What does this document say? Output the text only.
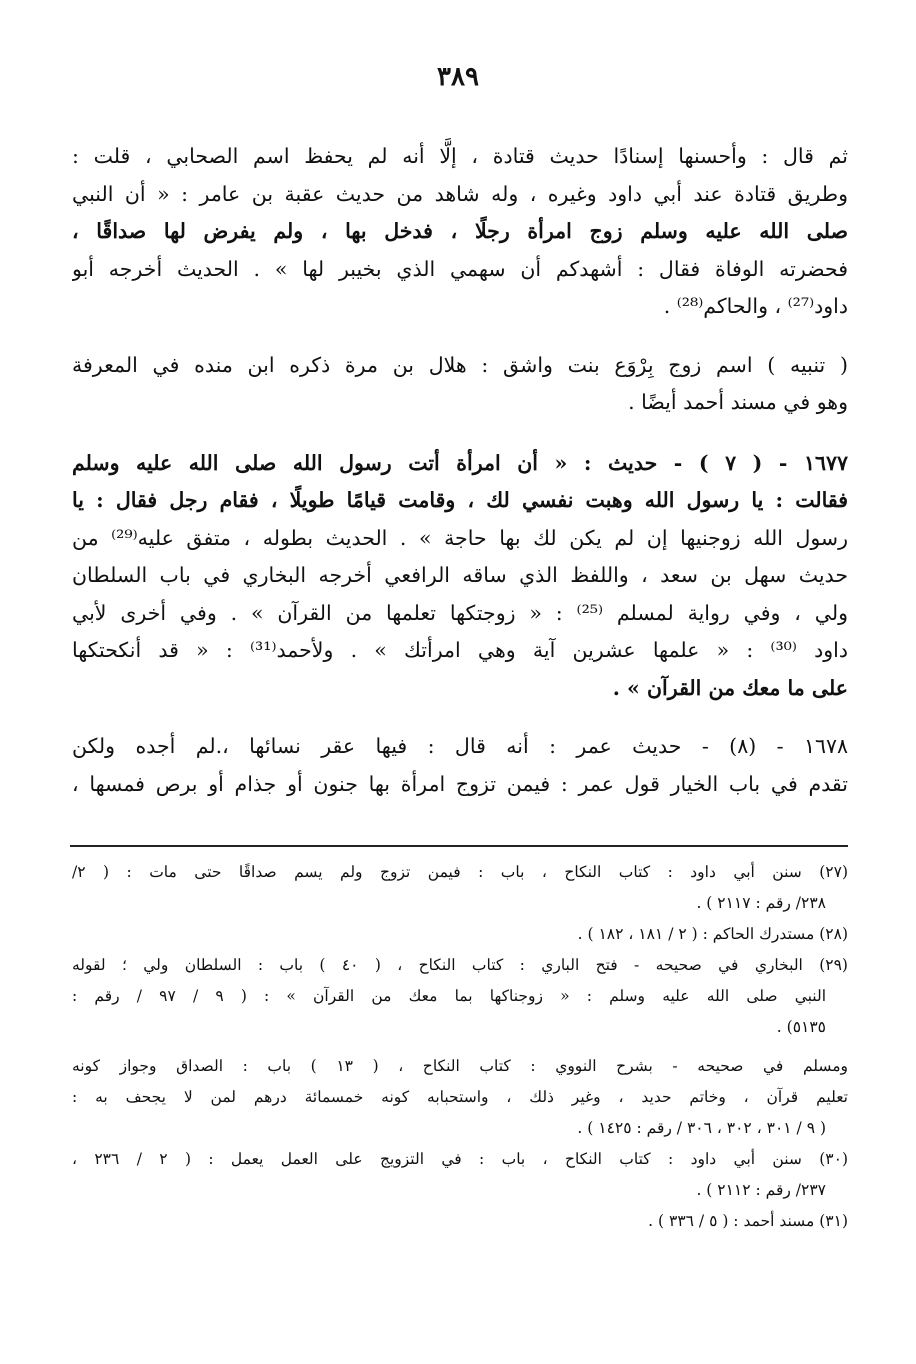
٣٨٩
ثم قال : وأحسنها إسنادًا حديث قتادة ، إلَّا أنه لم يحفظ اسم الصحابي ، قلت :
وطريق قتادة عند أبي داود وغيره ، وله شاهد من حديث عقبة بن عامر : « أن النبي
صلى الله عليه وسلم زوج امرأة رجلًا ، فدخل بها ، ولم يفرض لها صداقًا ،
فحضرته الوفاة فقال : أشهدكم أن سهمي الذي بخيبر لها » . الحديث أخرجه أبو
داود⁽²⁷⁾ ، والحاكم⁽²⁸⁾ .
( تنبيه ) اسم زوج بِرْوَع بنت واشق : هلال بن مرة ذكره ابن منده في المعرفة
وهو في مسند أحمد أيضًا .
١٦٧٧ - ( ٧ ) - حديث : « أن امرأة أتت رسول الله صلى الله عليه وسلم
فقالت : يا رسول الله وهبت نفسي لك ، وقامت قيامًا طويلًا ، فقام رجل فقال : يا
رسول الله زوجنيها إن لم يكن لك بها حاجة » . الحديث بطوله ، متفق عليه⁽²⁹⁾ من
حديث سهل بن سعد ، واللفظ الذي ساقه الرافعي أخرجه البخاري في باب السلطان
ولي ، وفي رواية لمسلم ⁽²⁵⁾ : « زوجتكها تعلمها من القرآن » . وفي أخرى لأبي
داود ⁽³⁰⁾ : « علمها عشرين آية وهي امرأتك » . ولأحمد⁽³¹⁾ : « قد أنكحتكها
على ما معك من القرآن » .
١٦٧٨ - (٨) - حديث عمر : أنه قال : فيها عقر نسائها ،.لم أجده ولكن
تقدم في باب الخيار قول عمر : فيمن تزوج امرأة بها جنون أو جذام أو برص فمسها ،
(٢٧) سنن أبي داود : كتاب النكاح ، باب : فيمن تزوج ولم يسم صداقًا حتى مات : ( ٢/
٢٣٨/ رقم : ٢١١٧ ) .
(٢٨) مستدرك الحاكم : ( ٢ / ١٨١ ، ١٨٢ ) .
(٢٩) البخاري في صحيحه - فتح الباري : كتاب النكاح ، ( ٤٠ ) باب : السلطان ولي ؛ لقوله
النبي صلى الله عليه وسلم : « زوجناكها بما معك من القرآن » : ( ٩ / ٩٧ / رقم :
٥١٣٥) .
ومسلم في صحيحه - بشرح النووي : كتاب النكاح ، ( ١٣ ) باب : الصداق وجواز كونه
تعليم قرآن ، وخاتم حديد ، وغير ذلك ، واستحبابه كونه خمسمائة درهم لمن لا يجحف به :
( ٩ / ٣٠١ ، ٣٠٢ ، ٣٠٦ / رقم : ١٤٢٥ ) .
(٣٠) سنن أبي داود : كتاب النكاح ، باب : في التزويج على العمل يعمل : ( ٢ / ٢٣٦ ،
٢٣٧/ رقم : ٢١١٢ ) .
(٣١) مسند أحمد : ( ٥ / ٣٣٦ ) .
